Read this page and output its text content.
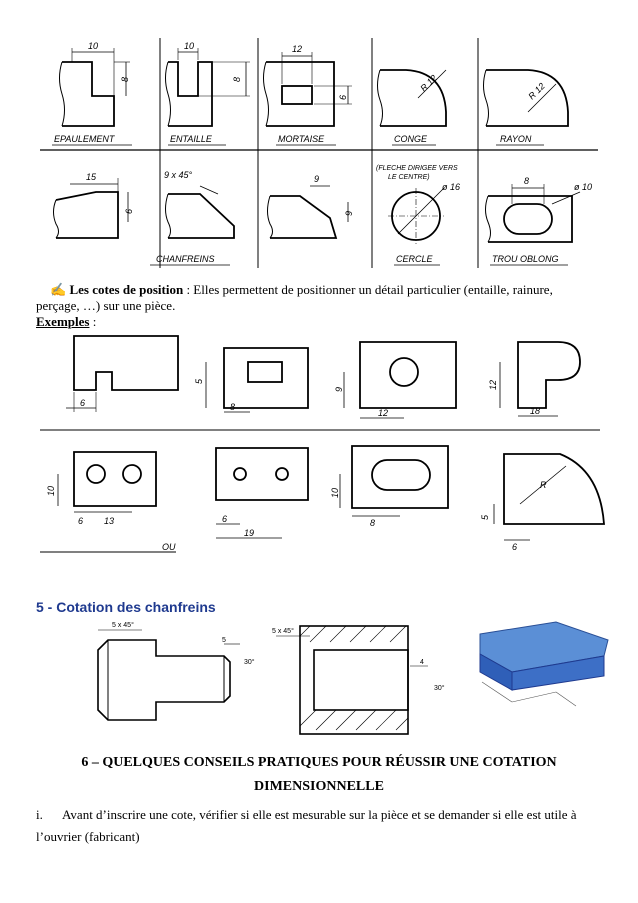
EPAULEMENT	ENTAILLE	MORTAISE	CONGE	RAYON
CHANFREINS	CERCLE	TROU OBLONG
(FLECHE DIRIGEE VERS
LE CENTRE)
10
8
10
8
12
6
R 12	R 12
15
6
9 x 45°	9
9
ø 16
8
ø 10
✍ Les cotes de position : Elles permettent de positionner un détail particulier (entaille, rainure, perçage, …) sur une pièce.
Exemples :
6
5
8
9
12
12
18
10
6 13	6
19
10
8
R
5
6
OU
5 - Cotation des chanfreins
5 x 45°
5
30°
5 x 45°
4
30°
6 – QUELQUES CONSEILS PRATIQUES POUR RÉUSSIR UNE COTATION
DIMENSIONNELLE
i. Avant d’inscrire une cote, vérifier si elle est mesurable sur la pièce et se demander si elle est utile à l’ouvrier (fabricant)
